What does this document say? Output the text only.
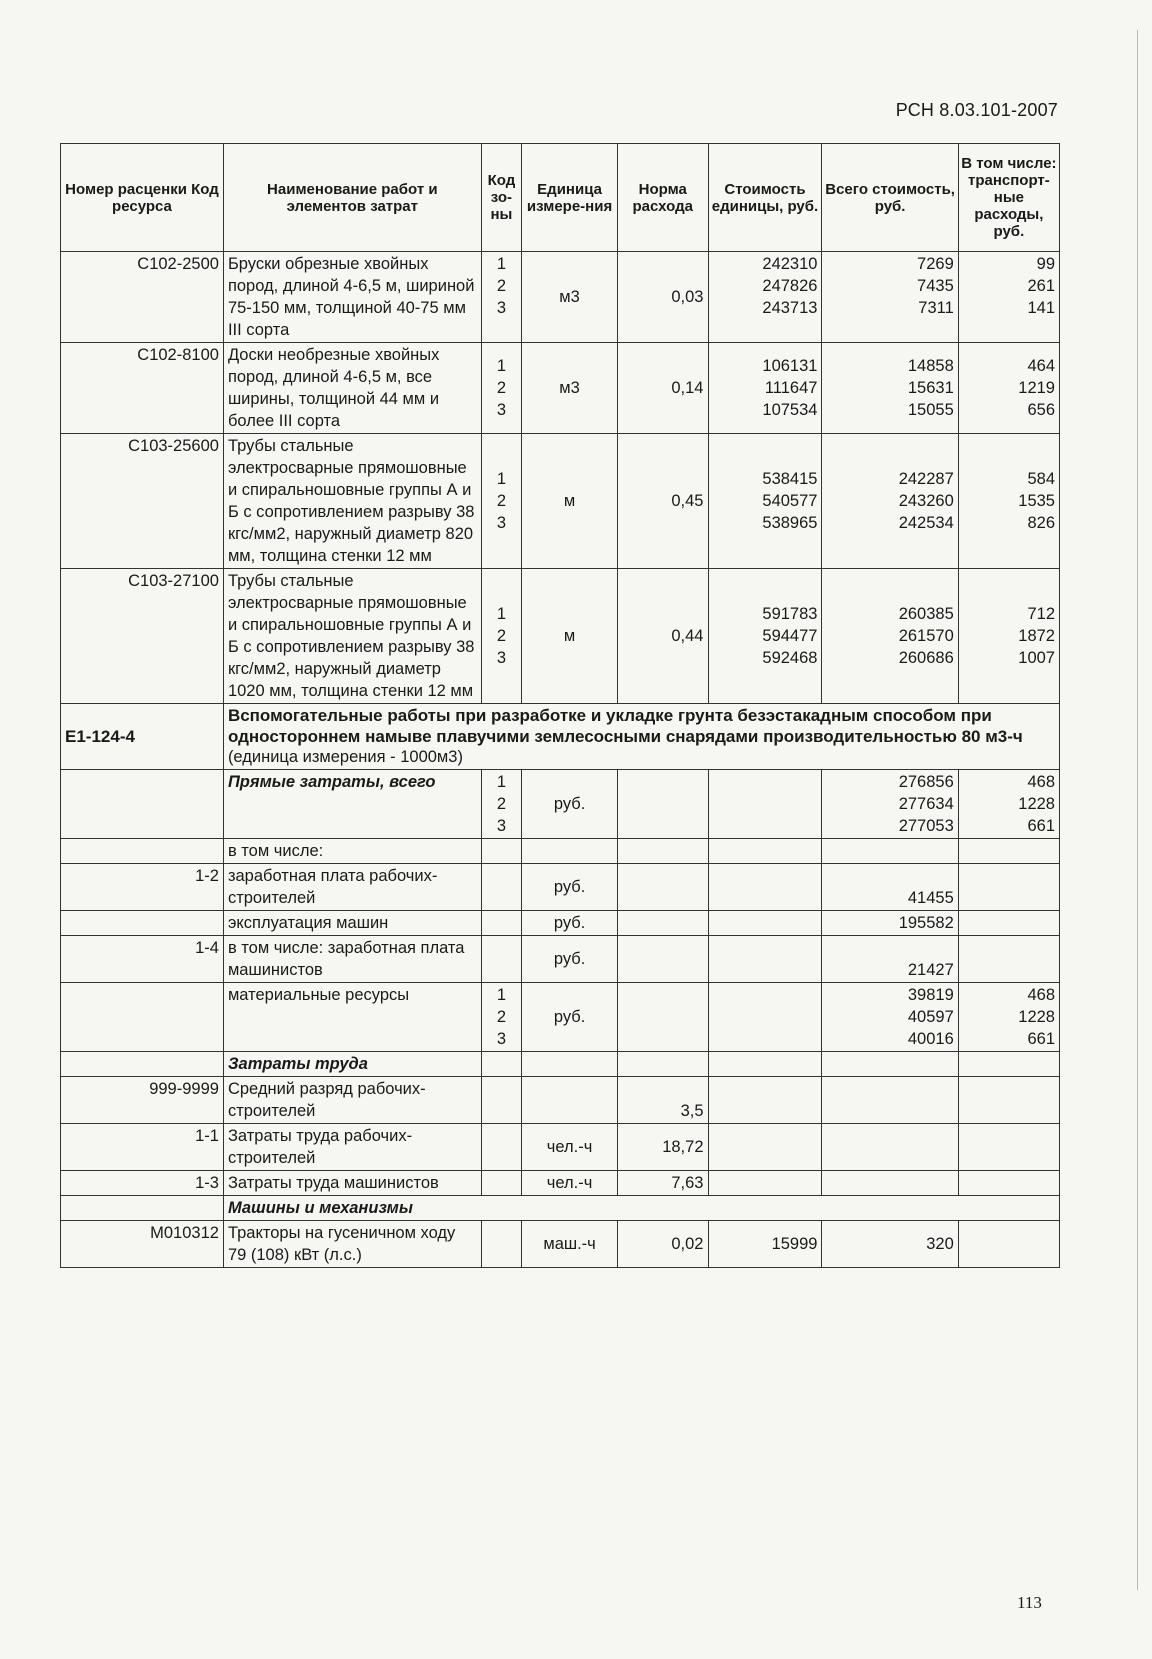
РСН 8.03.101-2007
Номер расценки Код ресурса	Наименование работ и элементов затрат	Код зо-ны	Единица измере-ния	Норма расхода	Стоимость единицы, руб.	Всего стоимость, руб.	В том числе: транспорт-ные расходы, руб.
С102-2500	Бруски обрезные хвойных пород, длиной 4-6,5 м, шириной 75-150 мм, толщиной 40-75 мм III сорта	1
2
3	м3	0,03	242310
247826
243713	7269
7435
7311	99
261
141

С102-8100	Доски необрезные хвойных пород, длиной 4-6,5 м, все ширины, толщиной 44 мм и более III сорта	1
2
3	м3	0,14	106131
111647
107534	14858
15631
15055	464
1219
656

С103-25600	Трубы стальные электросварные прямошовные и спиральношовные группы А и Б с сопротивлением разрыву 38 кгс/мм2, наружный диаметр 820 мм, толщина стенки 12 мм	1
2
3	м	0,45	538415
540577
538965	242287
243260
242534	584
1535
826

С103-27100	Трубы стальные электросварные прямошовные и спиральношовные группы А и Б с сопротивлением разрыву 38 кгс/мм2, наружный диаметр 1020 мм, толщина стенки 12 мм	1
2
3	м	0,44	591783
594477
592468	260385
261570
260686	712
1872
1007

Е1-124-4	Вспомогательные работы при разработке и укладке грунта безэстакадным способом при одностороннем намыве плавучими землесосными снарядами производительностью 80 м3-ч
(единица измерения - 1000м3)						

	Прямые затраты, всего	1
2
3	руб.			276856
277634
277053	468
1228
661

	в том числе:						
1-2	заработная плата рабочих-строителей		руб.			41455	
	эксплуатация машин		руб.			195582	
1-4	в том числе: заработная плата машинистов		руб.			21427	
	материальные ресурсы	1
2
3	руб.			39819
40597
40016	468
1228
661

	Затраты труда						
999-9999	Средний разряд рабочих-строителей			3,5			
1-1	Затраты труда рабочих-строителей		чел.-ч	18,72			
1-3	Затраты труда машинистов		чел.-ч	7,63			
	Машины и механизмы						
М010312	Тракторы на гусеничном ходу 79 (108) кВт (л.с.)		маш.-ч	0,02	15999	320	
113
